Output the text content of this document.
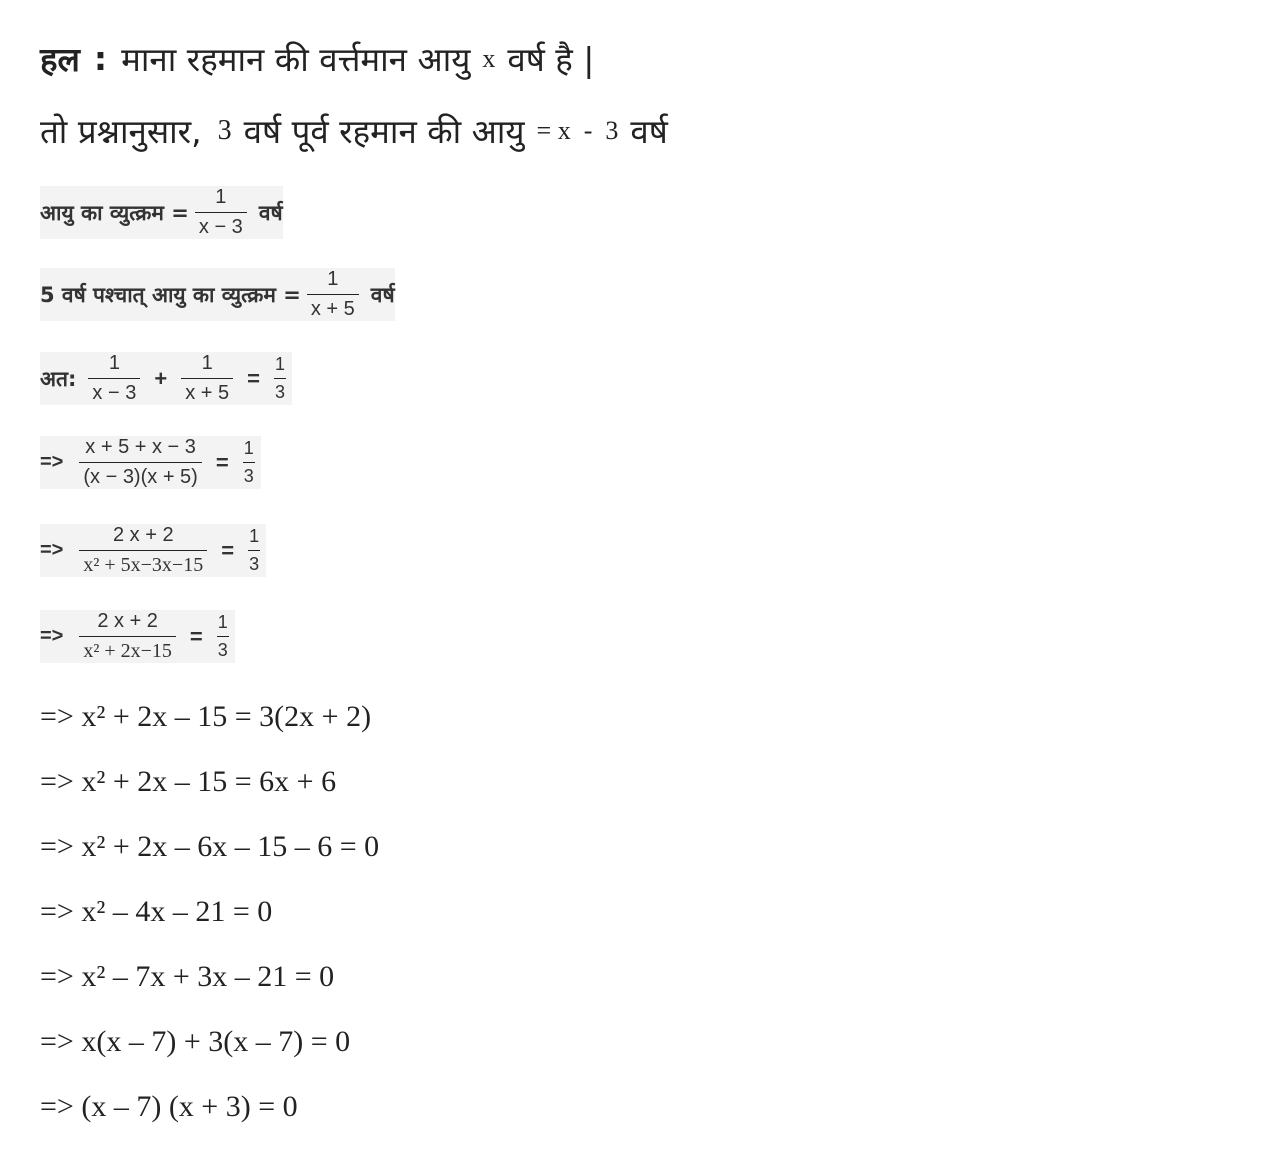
हल : माना रहमान की वर्त्तमान आयु x वर्ष है |
तो प्रश्नानुसार, 3 वर्ष पूर्व रहमान की आयु = x  -  3 वर्ष
आयु का व्युत्क्रम = $\frac{1}{x - 3}$ वर्ष
5 वर्ष पश्चात् आयु का व्युत्क्रम = $\frac{1}{x + 5}$ वर्ष
अत: $\frac{1}{x - 3} + \frac{1}{x + 5} = \frac{1}{3}$
=> $\frac{x + 5 + x - 3}{(x - 3)(x + 5)} = \frac{1}{3}$
=> $\frac{2 x + 2}{\text{x² + 5x−3x−15}} = \frac{1}{3}$
=> $\frac{2 x + 2}{\text{x² + 2x−15}} = \frac{1}{3}$
=> x² + 2x – 15 = 3(2x + 2)
=> x² + 2x – 15 = 6x + 6
=> x² + 2x – 6x – 15 – 6 = 0
=> x² – 4x – 21 = 0
=> x² – 7x + 3x – 21 = 0
=> x(x – 7) + 3(x – 7) = 0
=> (x – 7) (x + 3) = 0
